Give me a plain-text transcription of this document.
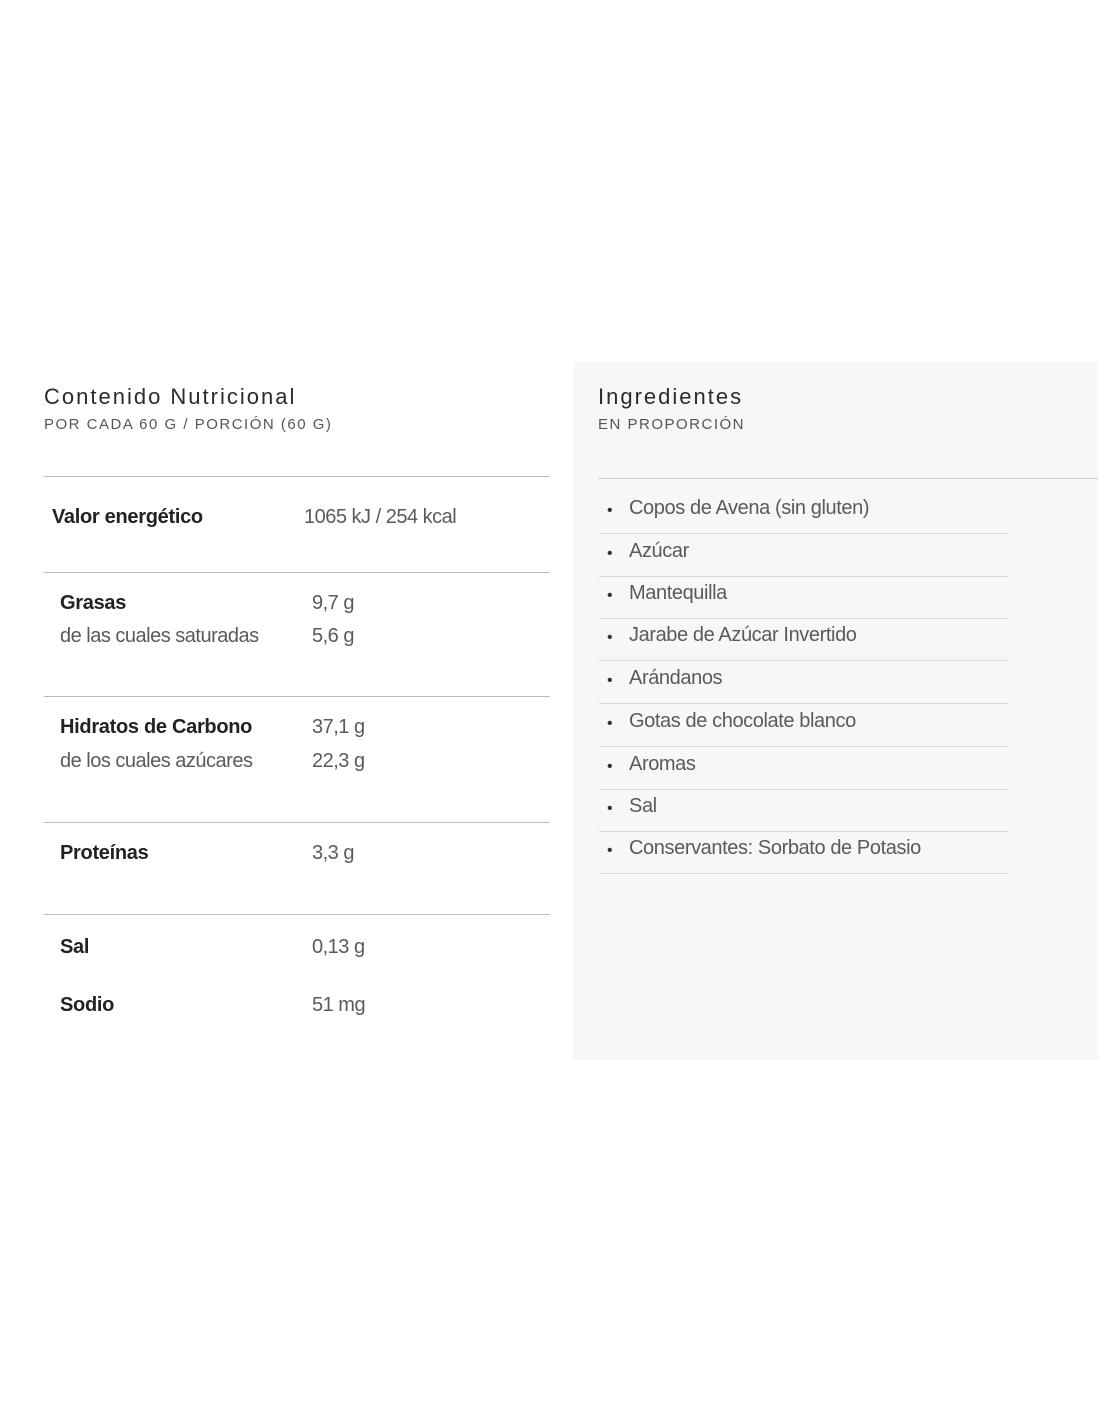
Contenido Nutricional
POR CADA 60 G / PORCIÓN (60 G)
Valor energético	1065 kJ / 254 kcal
Grasas	9,7 g
de las cuales saturadas	5,6 g
Hidratos de Carbono	37,1 g
de los cuales azúcares	22,3 g
Proteínas	3,3 g
Sal	0,13 g
Sodio	51 mg
Ingredientes
EN PROPORCIÓN
• Copos de Avena (sin gluten)
• Azúcar
• Mantequilla
• Jarabe de Azúcar Invertido
• Arándanos
• Gotas de chocolate blanco
• Aromas
• Sal
• Conservantes: Sorbato de Potasio
